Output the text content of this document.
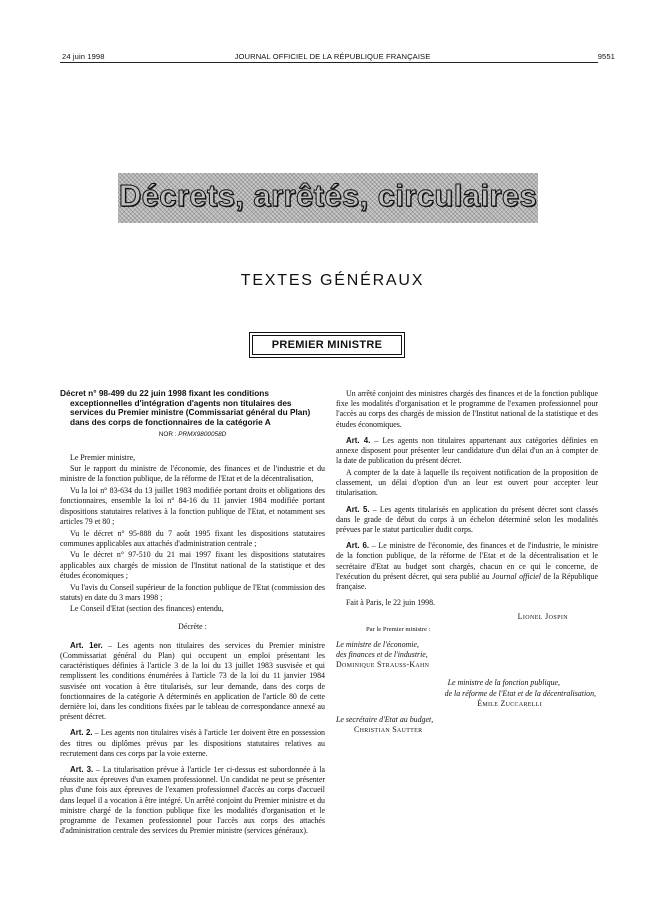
24 juin 1998	JOURNAL OFFICIEL DE LA RÉPUBLIQUE FRANÇAISE	9551
Décrets, arrêtés, circulaires
TEXTES GÉNÉRAUX
PREMIER MINISTRE
Décret n° 98-499 du 22 juin 1998 fixant les conditions exceptionnelles d'intégration d'agents non titulaires des services du Premier ministre (Commissariat général du Plan) dans des corps de fonctionnaires de la catégorie A
NOR : PRMX9800058D

Le Premier ministre,

Sur le rapport du ministre de l'économie, des finances et de l'industrie et du ministre de la fonction publique, de la réforme de l'Etat et de la décentralisation,

Vu la loi n° 83-634 du 13 juillet 1983 modifiée portant droits et obligations des fonctionnaires, ensemble la loi n° 84-16 du 11 janvier 1984 modifiée portant dispositions statutaires relatives à la fonction publique de l'Etat, et notamment ses articles 79 et 80 ;

Vu le décret n° 95-888 du 7 août 1995 fixant les dispositions statutaires communes applicables aux attachés d'administration centrale ;

Vu le décret n° 97-510 du 21 mai 1997 fixant les dispositions statutaires applicables aux chargés de mission de l'Institut national de la statistique et des études économiques ;

Vu l'avis du Conseil supérieur de la fonction publique de l'Etat (commission des statuts) en date du 3 mars 1998 ;

Le Conseil d'Etat (section des finances) entendu,

Décrète :

Art. 1er. – Les agents non titulaires des services du Premier ministre (Commissariat général du Plan) qui occupent un emploi présentant les caractéristiques définies à l'article 3 de la loi du 13 juillet 1983 susvisée et qui remplissent les conditions énumérées à l'article 73 de la loi du 11 janvier 1984 susvisée ont vocation à être titularisés, sur leur demande, dans des corps de fonctionnaires de la catégorie A déterminés en application de l'article 80 de cette dernière loi, dans les conditions fixées par le tableau de correspondance annexé au présent décret.

Art. 2. – Les agents non titulaires visés à l'article 1er doivent être en possession des titres ou diplômes prévus par les dispositions statutaires relatives au recrutement dans ces corps par la voie externe.

Art. 3. – La titularisation prévue à l'article 1er ci-dessus est subordonnée à la réussite aux épreuves d'un examen professionnel. Un candidat ne peut se présenter plus d'une fois aux épreuves de l'examen professionnel d'accès au corps d'accueil dans lequel il a vocation à être intégré. Un arrêté conjoint du Premier ministre et du ministre chargé de la fonction publique fixe les modalités d'organisation et le programme de l'examen professionnel pour l'accès aux corps des attachés d'administration centrale des services du Premier ministre (services généraux).

Un arrêté conjoint des ministres chargés des finances et de la fonction publique fixe les modalités d'organisation et le programme de l'examen professionnel pour l'accès au corps des chargés de mission de l'Institut national de la statistique et des études économiques.

Art. 4. – Les agents non titulaires appartenant aux catégories définies en annexe disposent pour présenter leur candidature d'un délai d'un an à compter de la date de publication du présent décret.

A compter de la date à laquelle ils reçoivent notification de la proposition de classement, un délai d'option d'un an leur est ouvert pour accepter leur titularisation.

Art. 5. – Les agents titularisés en application du présent décret sont classés dans le grade de début du corps à un échelon déterminé selon les modalités prévues par le statut particulier dudit corps.

Art. 6. – Le ministre de l'économie, des finances et de l'industrie, le ministre de la fonction publique, de la réforme de l'Etat et de la décentralisation et le secrétaire d'Etat au budget sont chargés, chacun en ce qui le concerne, de l'exécution du présent décret, qui sera publié au Journal officiel de la République française.

Fait à Paris, le 22 juin 1998.

Lionel Jospin

Par le Premier ministre :

Le ministre de l'économie,

des finances et de l'industrie,

Dominique Strauss-Kahn

Le ministre de la fonction publique,

de la réforme de l'Etat et de la décentralisation,

Émile Zuccarelli

Le secrétaire d'Etat au budget,

Christian Sautter
